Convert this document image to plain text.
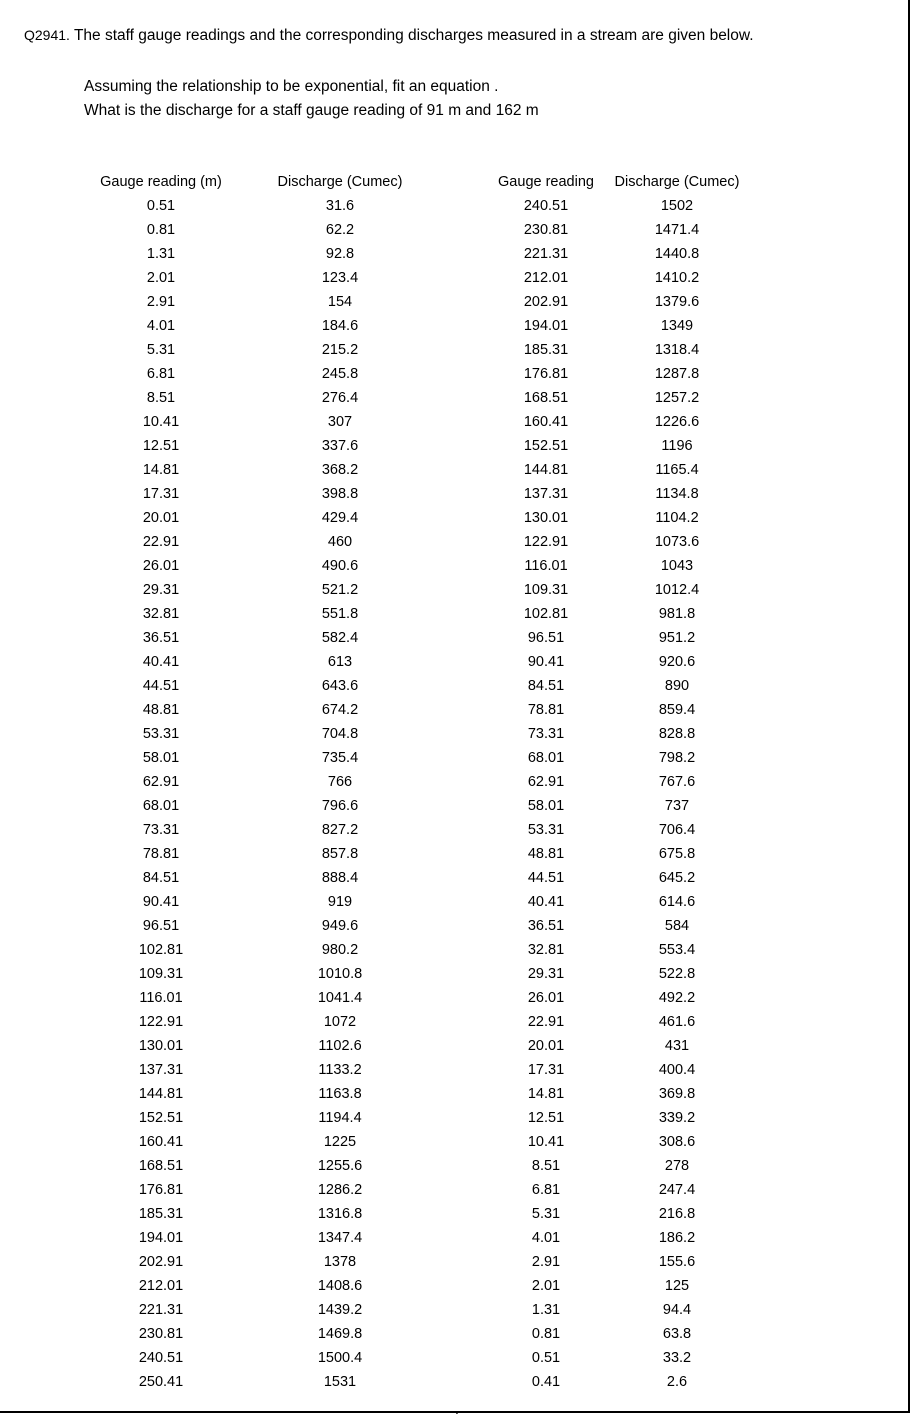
Q2941. The staff gauge readings and the corresponding discharges measured in a stream are given below.
Assuming the relationship to be exponential, fit an equation .
What is the discharge for a staff gauge reading of 91 m and 162 m
Gauge reading (m)	Discharge (Cumec)
0.51	31.6
0.81	62.2
1.31	92.8
2.01	123.4
2.91	154
4.01	184.6
5.31	215.2
6.81	245.8
8.51	276.4
10.41	307
12.51	337.6
14.81	368.2
17.31	398.8
20.01	429.4
22.91	460
26.01	490.6
29.31	521.2
32.81	551.8
36.51	582.4
40.41	613
44.51	643.6
48.81	674.2
53.31	704.8
58.01	735.4
62.91	766
68.01	796.6
73.31	827.2
78.81	857.8
84.51	888.4
90.41	919
96.51	949.6
102.81	980.2
109.31	1010.8
116.01	1041.4
122.91	1072
130.01	1102.6
137.31	1133.2
144.81	1163.8
152.51	1194.4
160.41	1225
168.51	1255.6
176.81	1286.2
185.31	1316.8
194.01	1347.4
202.91	1378
212.01	1408.6
221.31	1439.2
230.81	1469.8
240.51	1500.4
250.41	1531
Gauge reading	Discharge (Cumec)
240.51	1502
230.81	1471.4
221.31	1440.8
212.01	1410.2
202.91	1379.6
194.01	1349
185.31	1318.4
176.81	1287.8
168.51	1257.2
160.41	1226.6
152.51	1196
144.81	1165.4
137.31	1134.8
130.01	1104.2
122.91	1073.6
116.01	1043
109.31	1012.4
102.81	981.8
96.51	951.2
90.41	920.6
84.51	890
78.81	859.4
73.31	828.8
68.01	798.2
62.91	767.6
58.01	737
53.31	706.4
48.81	675.8
44.51	645.2
40.41	614.6
36.51	584
32.81	553.4
29.31	522.8
26.01	492.2
22.91	461.6
20.01	431
17.31	400.4
14.81	369.8
12.51	339.2
10.41	308.6
8.51	278
6.81	247.4
5.31	216.8
4.01	186.2
2.91	155.6
2.01	125
1.31	94.4
0.81	63.8
0.51	33.2
0.41	2.6
.
